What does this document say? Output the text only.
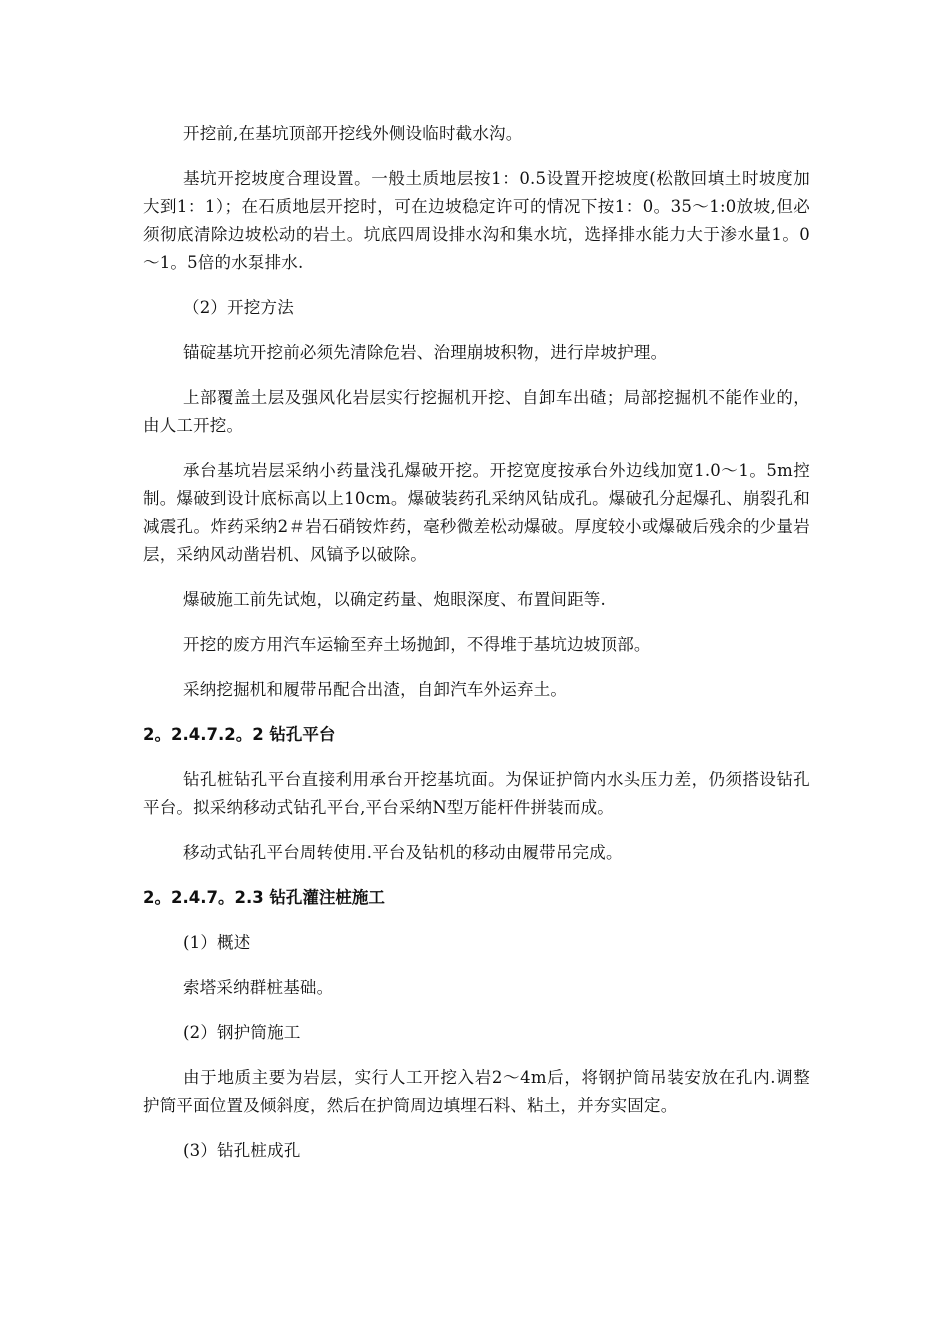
开挖前,在基坑顶部开挖线外侧设临时截水沟。

基坑开挖坡度合理设置。一般土质地层按1：0.5设置开挖坡度(松散回填土时坡度加大到1：1）；在石质地层开挖时，可在边坡稳定许可的情况下按1：0。35～1:0放坡,但必须彻底清除边坡松动的岩土。坑底四周设排水沟和集水坑，选择排水能力大于渗水量1。0～1。5倍的水泵排水.

（2）开挖方法

锚碇基坑开挖前必须先清除危岩、治理崩坡积物，进行岸坡护理。

上部覆盖土层及强风化岩层实行挖掘机开挖、自卸车出碴；局部挖掘机不能作业的，由人工开挖。

承台基坑岩层采纳小药量浅孔爆破开挖。开挖宽度按承台外边线加宽1.0～1。5m控制。爆破到设计底标高以上10cm。爆破装药孔采纳风钻成孔。爆破孔分起爆孔、崩裂孔和减震孔。炸药采纳2＃岩石硝铵炸药，毫秒微差松动爆破。厚度较小或爆破后残余的少量岩层，采纳风动凿岩机、风镐予以破除。

爆破施工前先试炮，以确定药量、炮眼深度、布置间距等.

开挖的废方用汽车运输至弃土场抛卸，不得堆于基坑边坡顶部。

采纳挖掘机和履带吊配合出渣，自卸汽车外运弃土。

2。2.4.7.2。2 钻孔平台

钻孔桩钻孔平台直接利用承台开挖基坑面。为保证护筒内水头压力差，仍须搭设钻孔平台。拟采纳移动式钻孔平台,平台采纳N型万能杆件拼装而成。

移动式钻孔平台周转使用.平台及钻机的移动由履带吊完成。

2。2.4.7。2.3 钻孔灌注桩施工

(1）概述

索塔采纳群桩基础。

(2）钢护筒施工

由于地质主要为岩层，实行人工开挖入岩2～4m后，将钢护筒吊装安放在孔内.调整护筒平面位置及倾斜度，然后在护筒周边填埋石料、粘土，并夯实固定。

(3）钻孔桩成孔
